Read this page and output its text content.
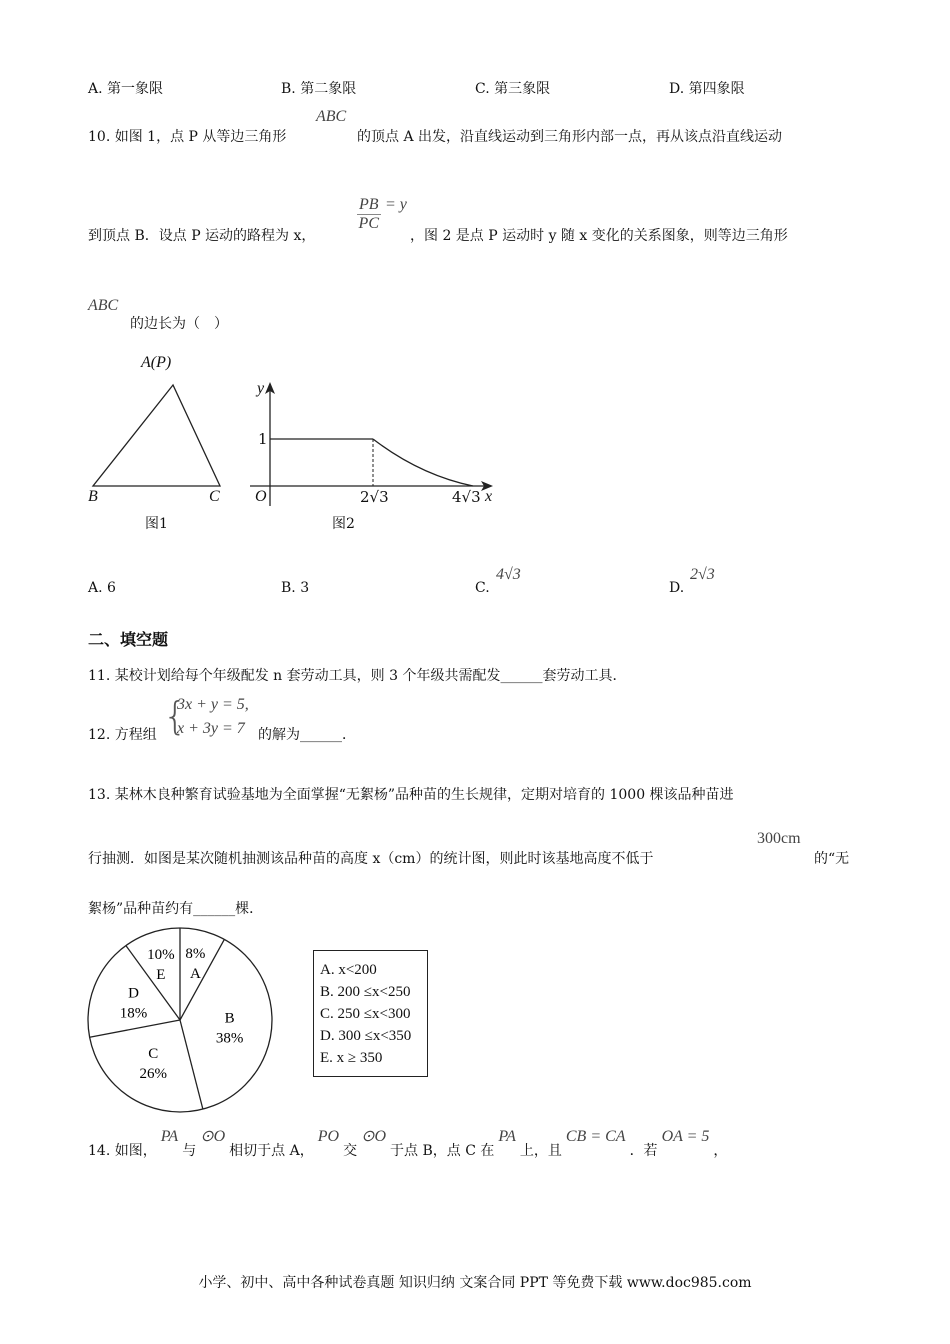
A. 第一象限	B. 第二象限	C. 第三象限	D. 第四象限
10. 如图 1，点 P 从等边三角形
ABC
的顶点 A 出发，沿直线运动到三角形内部一点，再从该点沿直线运动
到顶点 B．设点 P 运动的路程为 x，
$\frac{PB}{PC} = y$
，图 2 是点 P 运动时 y 随 x 变化的关系图象，则等边三角形
ABC
的边长为（　）
A(P)
B	C
图1
y
1
O	2√3	4√3 x
图2
A. 6	B. 3	C.
4√3
D.
2√3
二、填空题
11. 某校计划给每个年级配发 n 套劳动工具，则 3 个年级共需配发______套劳动工具．
12. 方程组 {
3x + y = 5,
x + 3y = 7 的解为______．
13. 某林木良种繁育试验基地为全面掌握“无絮杨”品种苗的生长规律，定期对培育的 1000 棵该品种苗进
行抽测．如图是某次随机抽测该品种苗的高度 x（cm）的统计图，则此时该基地高度不低于
300cm
的“无
絮杨”品种苗约有______棵．
8%
A
B
38%
C
26%
D
18%
10%
E	A. x<200
B. 200 ≤x<250
C. 250 ≤x<300
D. 300 ≤x<350
E. x ≥ 350
14. 如图，
PA
与
⊙O
相切于点 A，
PO
交
⊙O
于点 B，点 C 在
PA
上，且
CB = CA
．若
OA = 5
，
小学、初中、高中各种试卷真题 知识归纳 文案合同 PPT 等免费下载 www.doc985.com
